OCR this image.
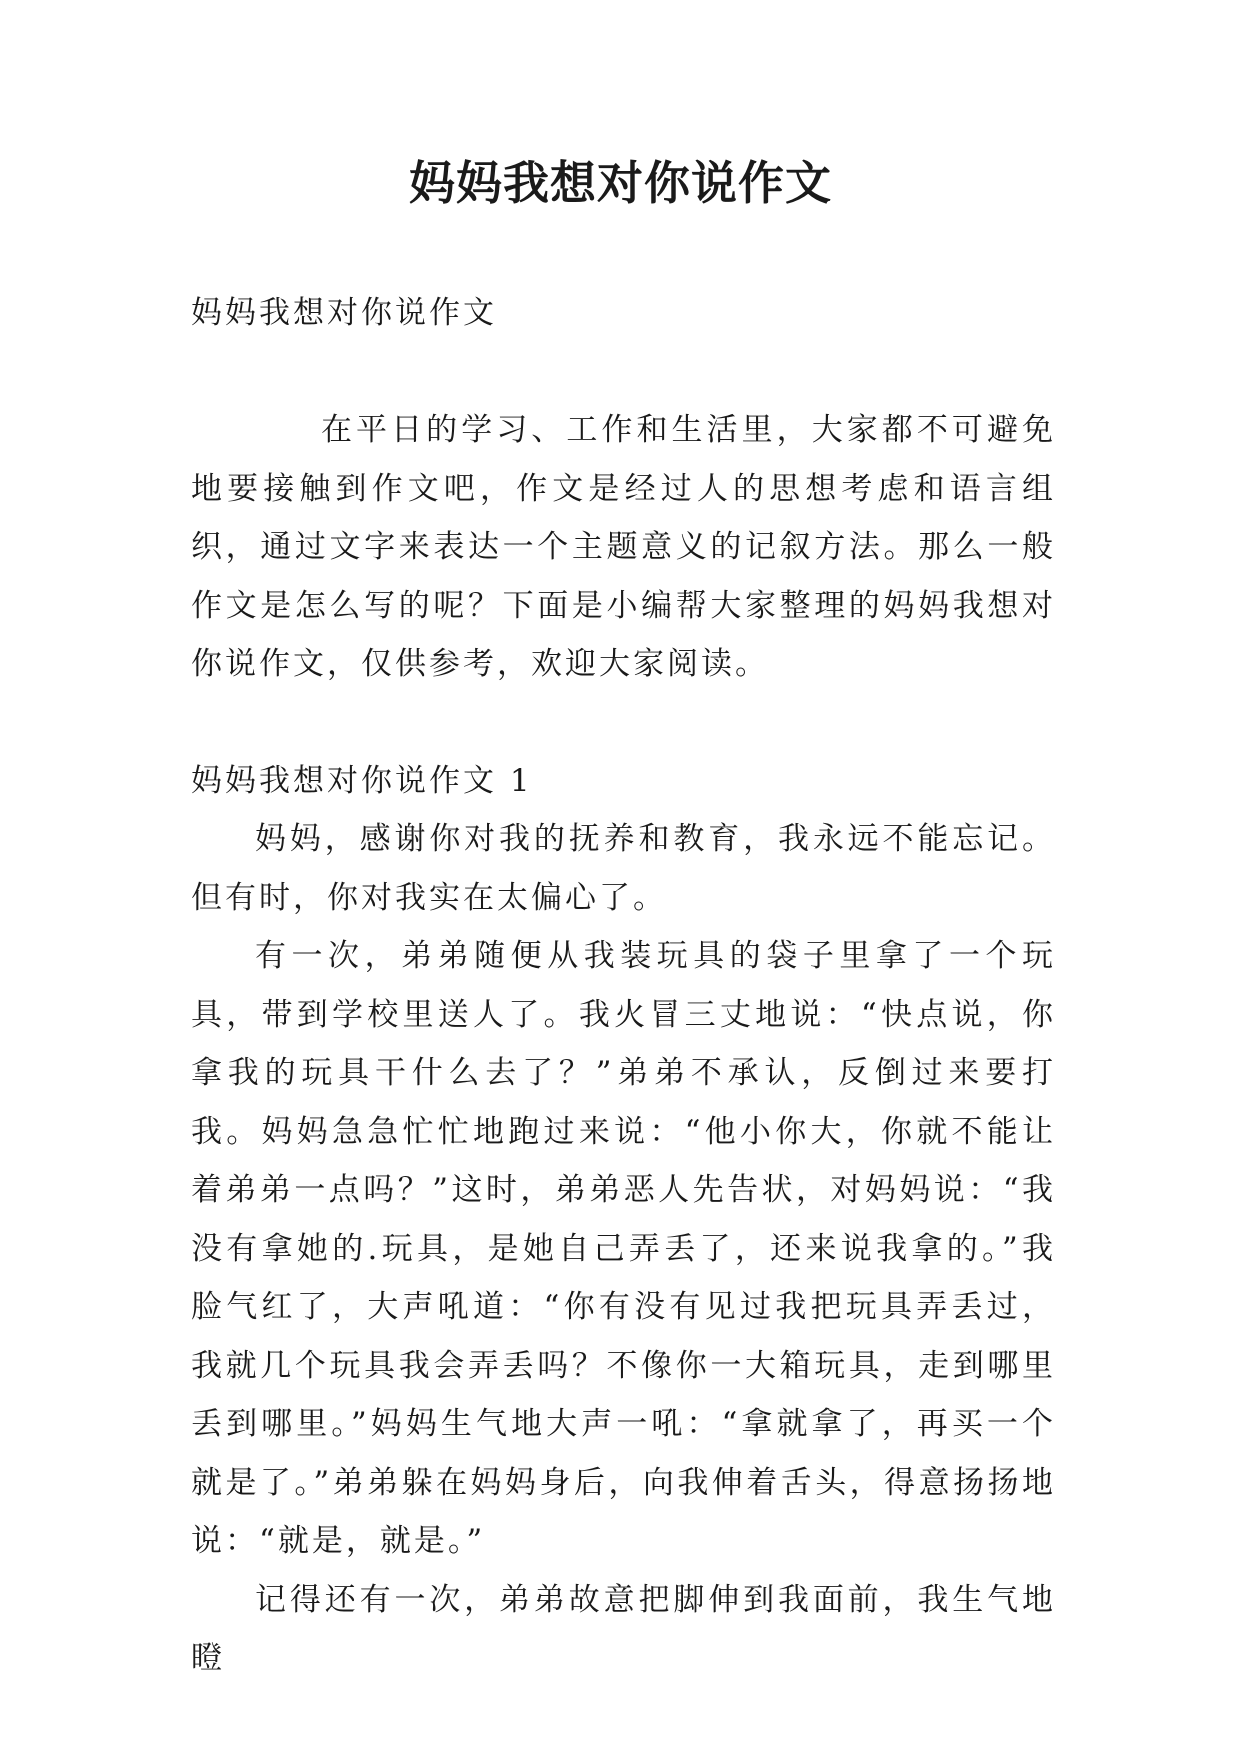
妈妈我想对你说作文
妈妈我想对你说作文

在平日的学习、工作和生活里，大家都不可避免地要接触到作文吧，作文是经过人的思想考虑和语言组织，通过文字来表达一个主题意义的记叙方法。那么一般作文是怎么写的呢？下面是小编帮大家整理的妈妈我想对你说作文，仅供参考，欢迎大家阅读。

妈妈我想对你说作文 1

妈妈，感谢你对我的抚养和教育，我永远不能忘记。但有时，你对我实在太偏心了。

有一次，弟弟随便从我装玩具的袋子里拿了一个玩具，带到学校里送人了。我火冒三丈地说：“快点说，你拿我的玩具干什么去了？”弟弟不承认，反倒过来要打我。妈妈急急忙忙地跑过来说：“他小你大，你就不能让着弟弟一点吗？”这时，弟弟恶人先告状，对妈妈说：“我没有拿她的.玩具，是她自己弄丢了，还来说我拿的。”我脸气红了，大声吼道：“你有没有见过我把玩具弄丢过，我就几个玩具我会弄丢吗？不像你一大箱玩具，走到哪里丢到哪里。”妈妈生气地大声一吼：“拿就拿了，再买一个就是了。”弟弟躲在妈妈身后，向我伸着舌头，得意扬扬地说：“就是，就是。”

记得还有一次，弟弟故意把脚伸到我面前，我生气地瞪
